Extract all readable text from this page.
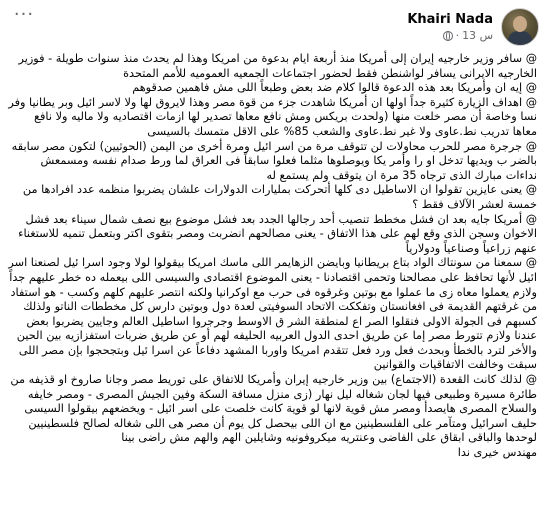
Khairi Nada
13 س
·
···

@ سافر وزير خارجيه إيران إلى أمريكا منذ أربعة ايام بدعوة من امريكا وهذا لم يحدث منذ سنوات طويلة - فوزير الخارجيه الايرانى يسافر لواشنطن فقط لحضور اجتماعات الجمعيه العموميه للأمم المتحدة

@ إيه ان وأمريكا بعد هذه الدعوة قالوا كلام ضد بعض وطبعاً اللى مش فاهمين صدقوهم

@ اهداف الزيارة كثيرة جداً اولها ان أمريكا شاهدت جزء من قوة مصر وهذا لايروق لها ولا لاسر ائيل وبر يطانيا وفر نسا وخاصة أن مصر خلعت منها (ولحدت بريكس ومش نافع معاها تصدير لها ازمات اقتصاديه ولا ماليه ولا نافع معاها تدريب نط.عاوى ولا غير نط.عاوى والشعب 85% على الاقل متمسك بالسيسى

@ جرجرة مصر للحرب محاولات لن تتوقف مرة من اسر ائيل ومرة أخرى من اليمن (الحوثيين) لتكون مصر سابقه بالضر ب ويديها تدخل او را وأمر يكا ويوصلوها مثلما فعلوا سابقاً فى العراق لما ورط صدام نفسه ومسمعش نداءات مبارك الذى ترجاه 35 مرة ان يتوقف ولم يستمع له

@ يعنى عايزين تقولوا ان الاساطيل دى كلها أتحركت بمليارات الدولارات علشان يضربوا منظمه عدد افرادها من خمسة لعشر الآلاف فقط ؟

@ أمريكا جايه بعد ان فشل مخطط تنصيب أحد رجالها الجدد بعد فشل موضوع بيع نصف شمال سيناء بعد فشل الاخوان وسجن الذى وقع لهم على هذا الاتفاق - يعنى مصالحهم انضربت ومصر بتقوى اكتر وبتعمل تنميه للاستغناء عنهم زراعياً وصناعياً ودولارياً

@ سمعنا من سونتاك الواد بتاع بريطانيا وبايضن الزهايمر اللى ماسك امريكا بيقولوا لولا وجود اسرا ئيل لصنعنا اسر ائيل لأنها تحافظ على مصالحنا وتحمى اقتصادنا - يعنى الموضوع اقتصادى والسيسى اللى بيعمله ده خطر عليهم جداً ولازم يعملوا معاه زى ما عملوا مع بوتين وغرقوه فى حرب مع اوكرانيا ولكنه انتصر عليهم كلهم وكسب - هو استفاد من غرقتهم القديمة فى افغانستان وتفككت الاتحاد السوفيتى لعدة دول وبوتين دارس كل مخططات الناتو ولذلك كسبهم فى الجولة الاولى فنقلوا الصر اع لمنطقة الشر ق الاوسط وجرجروا اساطيل العالم وجايين يضربوا بعض عندنا ولازم تتورط مصر إما عن طريق احدى الدول العربيه الحليفه لهم أو عن طريق ضربات استفزازيه بين الحين والأخر لترد بالخطأ وبحدث فعل ورد فعل تتقدم امريكا واوربا المشهد دفاعاً عن اسرا ئيل وبتجحجوا بإن مصر اللى سبقت وخالفت الاتفاقيات والقوانين

@ لذلك كانت القعدة (الاجتماع) بين وزير خارجيه إيران وأمريكا للاتفاق على توريط مصر وجانا صاروخ او قذيفه من طائرة مسيرة وطبيعى فيها لجان شغاله ليل نهار (زى منزل مسافة السكة وفين الجيش المصرى - ومصر خايفه والسلاح المصرى هايصدأ ومصر مش قوية لانها لو قوية كانت خلصت على اسر ائيل - ويخضعهم بيقولوا السيسى حليف اسرائيل ومتآمر على الفلسطينين مع ان اللى بيحصل كل يوم أن مصر هى اللى شغاله لصالح فلسطينيين لوحدها والباقى ابقاق على الفاضى وعنتريه ميكروفونيه وشايلين الهم والهم مش راضى بينا

مهندس خيرى ندا
